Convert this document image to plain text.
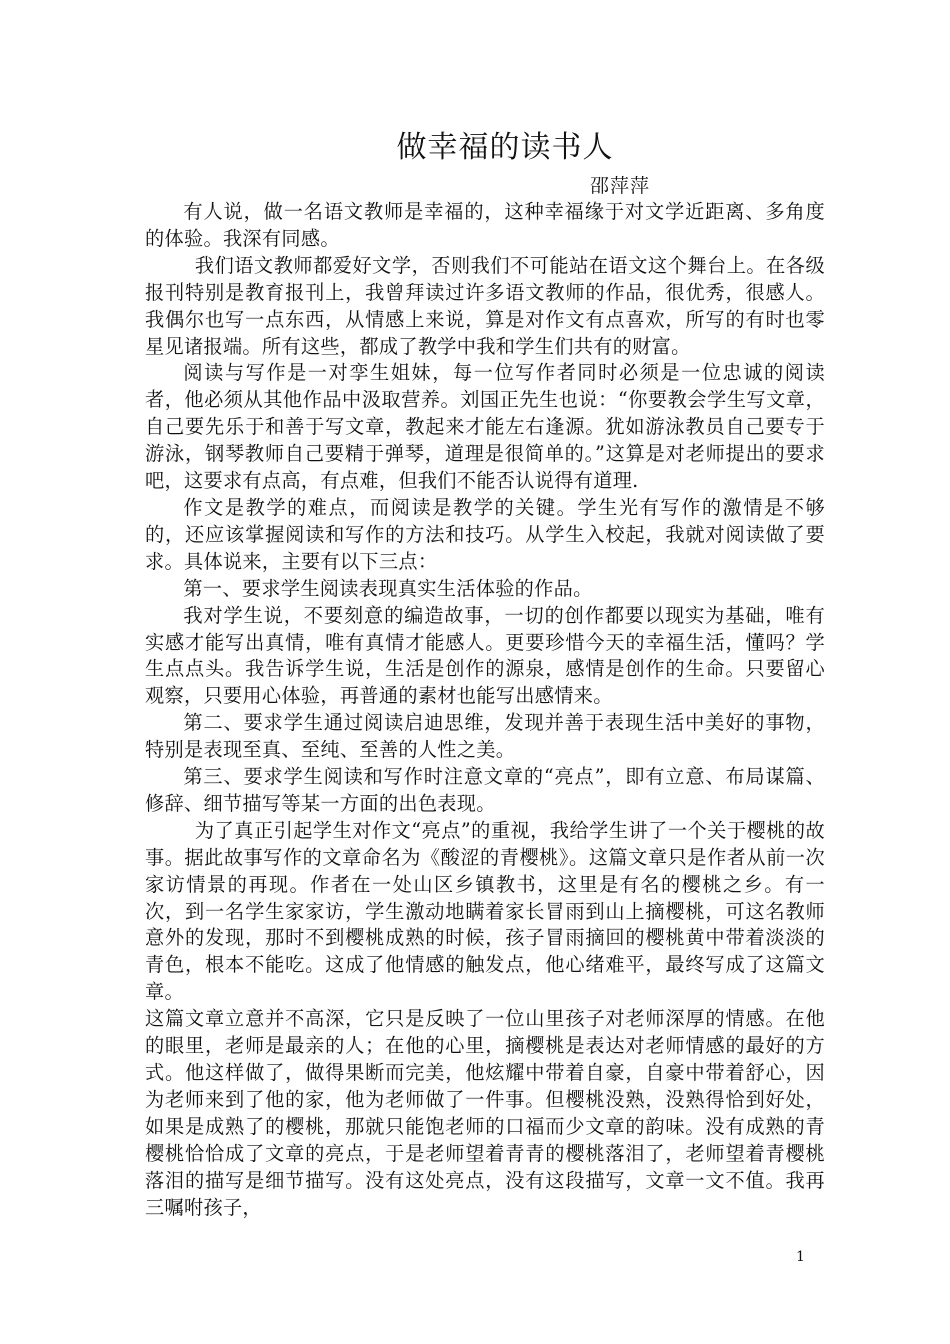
做幸福的读书人
邵萍萍

有人说，做一名语文教师是幸福的，这种幸福缘于对文学近距离、多角度的体验。我深有同感。

我们语文教师都爱好文学，否则我们不可能站在语文这个舞台上。在各级报刊特别是教育报刊上，我曾拜读过许多语文教师的作品，很优秀，很感人。我偶尔也写一点东西，从情感上来说，算是对作文有点喜欢，所写的有时也零星见诸报端。所有这些，都成了教学中我和学生们共有的财富。

阅读与写作是一对孪生姐妹，每一位写作者同时必须是一位忠诚的阅读者，他必须从其他作品中汲取营养。刘国正先生也说：“你要教会学生写文章，自己要先乐于和善于写文章，教起来才能左右逢源。犹如游泳教员自己要专于游泳，钢琴教师自己要精于弹琴，道理是很简单的。”这算是对老师提出的要求吧，这要求有点高，有点难，但我们不能否认说得有道理.

作文是教学的难点，而阅读是教学的关键。学生光有写作的激情是不够的，还应该掌握阅读和写作的方法和技巧。从学生入校起，我就对阅读做了要求。具体说来，主要有以下三点：

第一、要求学生阅读表现真实生活体验的作品。

我对学生说，不要刻意的编造故事，一切的创作都要以现实为基础，唯有实感才能写出真情，唯有真情才能感人。更要珍惜今天的幸福生活，懂吗？学生点点头。我告诉学生说，生活是创作的源泉，感情是创作的生命。只要留心观察，只要用心体验，再普通的素材也能写出感情来。

第二、要求学生通过阅读启迪思维，发现并善于表现生活中美好的事物，特别是表现至真、至纯、至善的人性之美。

第三、要求学生阅读和写作时注意文章的“亮点”，即有立意、布局谋篇、修辞、细节描写等某一方面的出色表现。

为了真正引起学生对作文“亮点”的重视，我给学生讲了一个关于樱桃的故事。据此故事写作的文章命名为《酸涩的青樱桃》。这篇文章只是作者从前一次家访情景的再现。作者在一处山区乡镇教书，这里是有名的樱桃之乡。有一次，到一名学生家家访，学生激动地瞒着家长冒雨到山上摘樱桃，可这名教师意外的发现，那时不到樱桃成熟的时候，孩子冒雨摘回的樱桃黄中带着淡淡的青色，根本不能吃。这成了他情感的触发点，他心绪难平，最终写成了这篇文章。

这篇文章立意并不高深，它只是反映了一位山里孩子对老师深厚的情感。在他的眼里，老师是最亲的人；在他的心里，摘樱桃是表达对老师情感的最好的方式。他这样做了，做得果断而完美，他炫耀中带着自豪，自豪中带着舒心，因为老师来到了他的家，他为老师做了一件事。但樱桃没熟，没熟得恰到好处，如果是成熟了的樱桃，那就只能饱老师的口福而少文章的韵味。没有成熟的青樱桃恰恰成了文章的亮点，于是老师望着青青的樱桃落泪了，老师望着青樱桃落泪的描写是细节描写。没有这处亮点，没有这段描写，文章一文不值。我再三嘱咐孩子，

1
